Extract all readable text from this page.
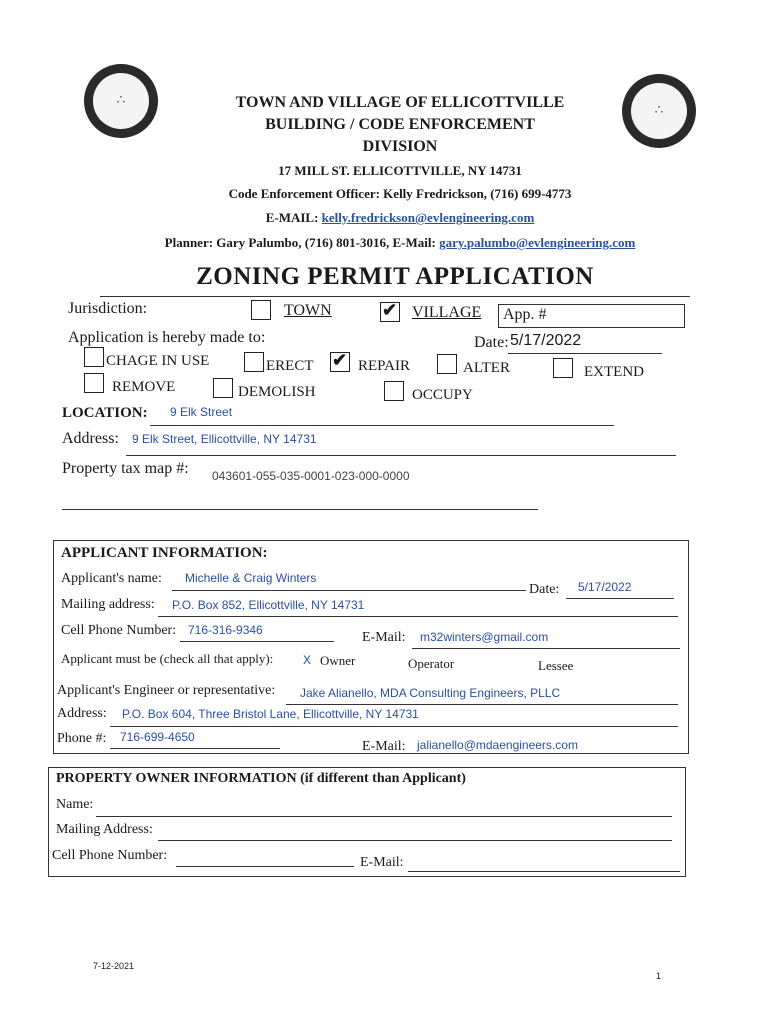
∴
∴
TOWN AND VILLAGE OF ELLICOTTVILLE
BUILDING / CODE ENFORCEMENT
DIVISION
17 MILL ST. ELLICOTTVILLE, NY 14731
Code Enforcement Officer: Kelly Fredrickson, (716) 699-4773
E-MAIL: kelly.fredrickson@evlengineering.com
Planner: Gary Palumbo, (716) 801-3016, E-Mail: gary.palumbo@evlengineering.com
ZONING PERMIT APPLICATION
Jurisdiction:	TOWN	✔ VILLAGE App. #
Application is hereby made to:	Date: 5/17/2022
CHAGE IN USE	ERECT ✔ REPAIR	ALTER	EXTEND
REMOVE	DEMOLISH	OCCUPY
LOCATION: 9 Elk Street
Address: 9 Elk Street, Ellicottville, NY 14731
Property tax map #: 043601-055-035-0001-023-000-0000
APPLICANT INFORMATION:
Applicant's name: Michelle & Craig Winters
Date: 5/17/2022
Mailing address: P.O. Box 852, Ellicottville, NY 14731
Cell Phone Number: 716-316-9346	E-Mail: m32winters@gmail.com
Applicant must be (check all that apply): X Owner	Operator	Lessee
Applicant's Engineer or representative: Jake Alianello, MDA Consulting Engineers, PLLC
Address: P.O. Box 604, Three Bristol Lane, Ellicottville, NY 14731
Phone #: 716-699-4650
E-Mail: jalianello@mdaengineers.com
PROPERTY OWNER INFORMATION (if different than Applicant)
Name:
Mailing Address:
Cell Phone Number:	E-Mail:
7-12-2021
1
